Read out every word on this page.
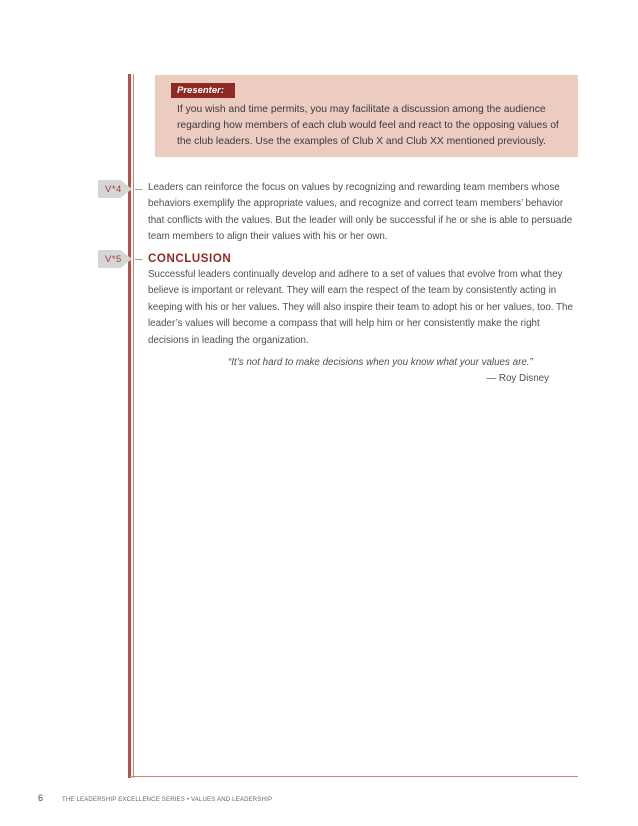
Presenter:
If you wish and time permits, you may facilitate a discussion among the audience regarding how members of each club would feel and react to the opposing values of the club leaders. Use the examples of Club X and Club XX mentioned previously.
V*4	Leaders can reinforce the focus on values by recognizing and rewarding team members whose behaviors exemplify the appropriate values, and recognize and correct team members’ behavior that conflicts with the values. But the leader will only be successful if he or she is able to persuade team members to align their values with his or her own.
V*5 CONCLUSION
Successful leaders continually develop and adhere to a set of values that evolve from what they believe is important or relevant. They will earn the respect of the team by consistently acting in keeping with his or her values. They will also inspire their team to adopt his or her values, too. The leader’s values will become a compass that will help him or her consistently make the right decisions in leading the organization.
“It’s not hard to make decisions when you know what your values are.”
— Roy Disney
6	THE LEADERSHIP EXCELLENCE SERIES • VALUES AND LEADERSHIP
